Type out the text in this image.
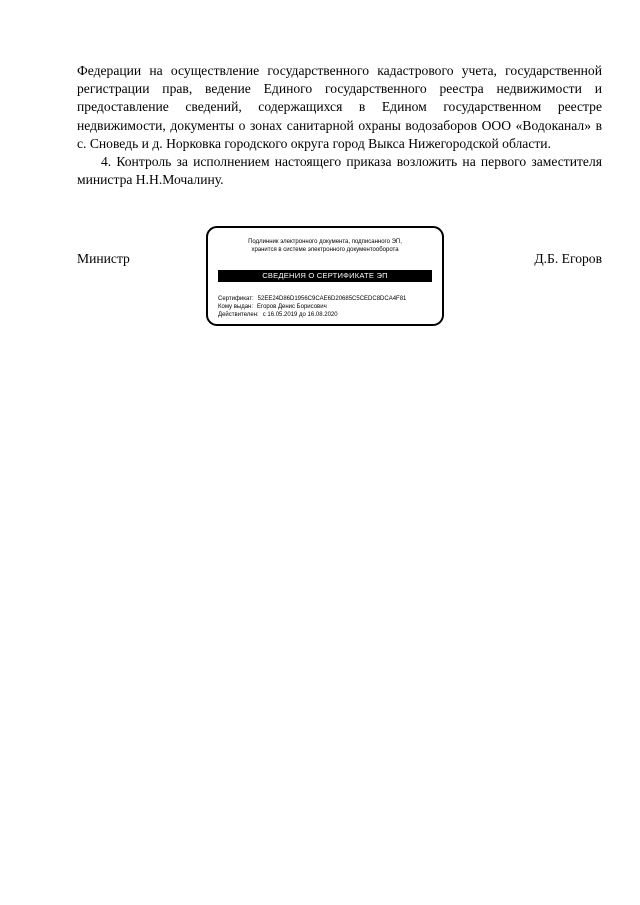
Федерации на осуществление государственного кадастрового учета, государственной регистрации прав, ведение Единого государственного реестра недвижимости и предоставление сведений, содержащихся в Едином государственном реестре недвижимости, документы о зонах санитарной охраны водозаборов ООО «Водоканал» в с. Сноведь и д. Норковка городского округа город Выкса Нижегородской области.

4. Контроль за исполнением настоящего приказа возложить на первого заместителя министра Н.Н.Мочалину.

Министр
Подлинник электронного документа, подписанного ЭП,
хранится в системе электронного документооборота
СВЕДЕНИЯ О СЕРТИФИКАТЕ ЭП
Сертификат: 52EE24D86D1956C9CAE6D20685C5CEDC8DCA4F81
Кому выдан: Егоров Денис Борисович
Действителен: с 16.05.2019 до 16.08.2020
Д.Б. Егоров
